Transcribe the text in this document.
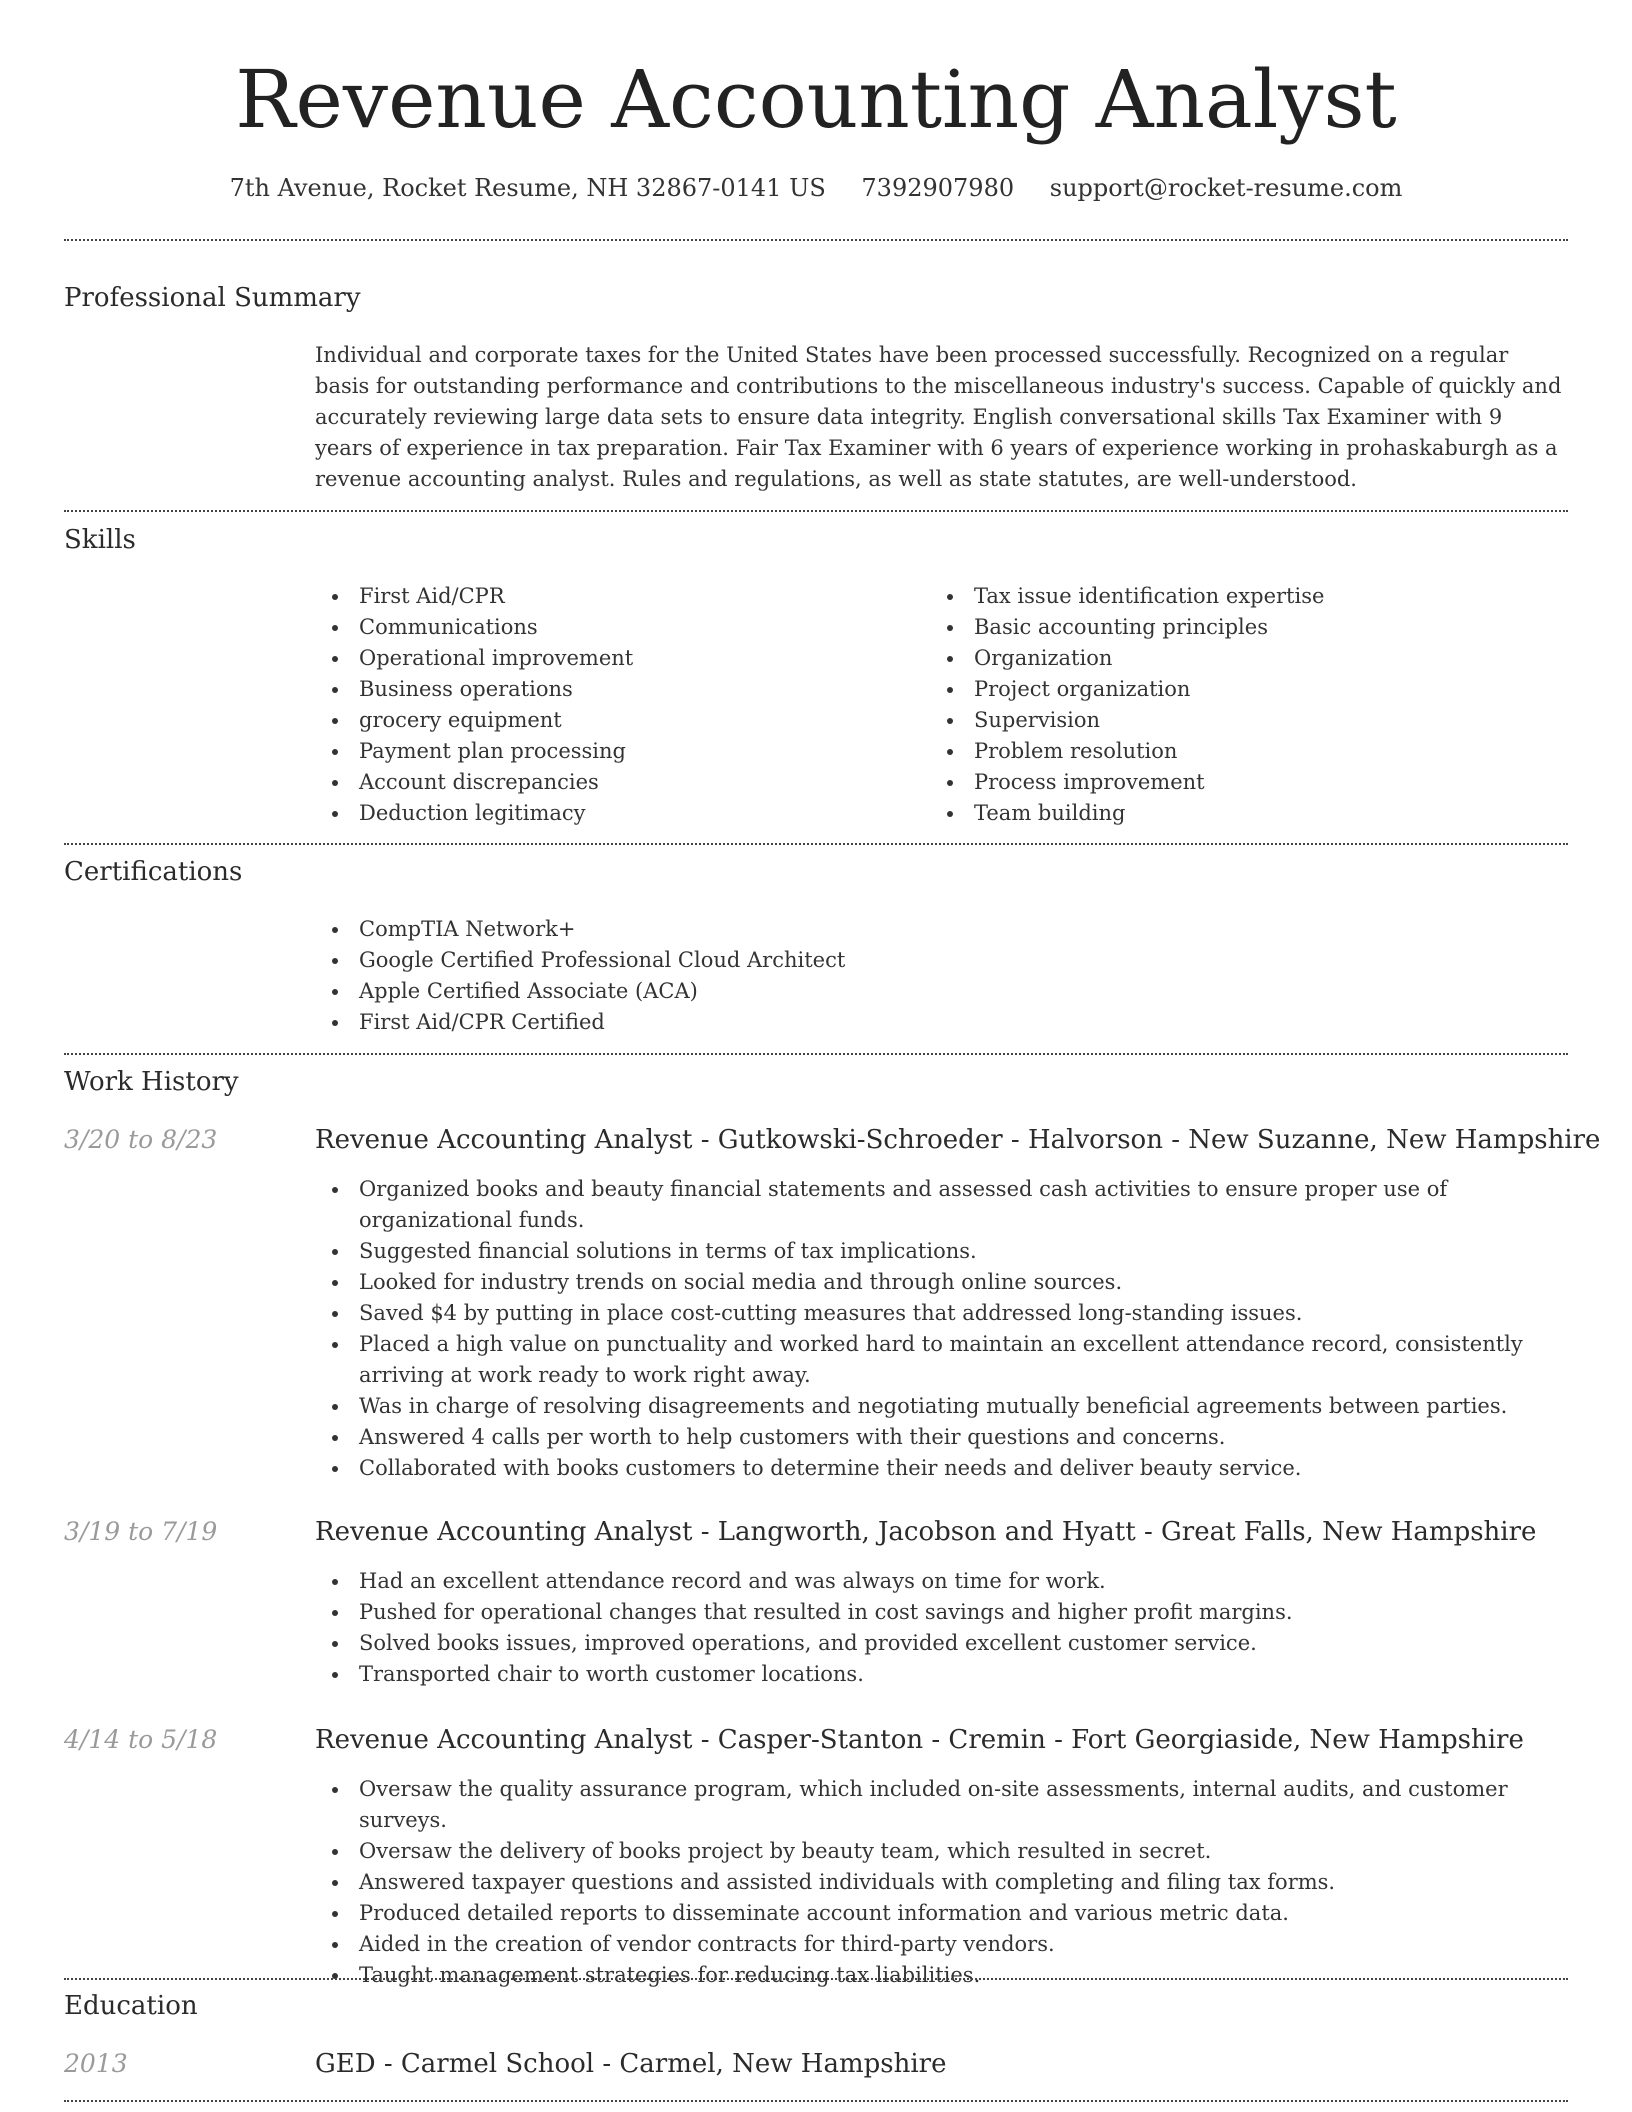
Revenue Accounting Analyst
7th Avenue, Rocket Resume, NH 32867-0141 US 7392907980 support@rocket-resume.com
Professional Summary

Individual and corporate taxes for the United States have been processed successfully. Recognized on a regular basis for outstanding performance and contributions to the miscellaneous industry's success. Capable of quickly and accurately reviewing large data sets to ensure data integrity. English conversational skills Tax Examiner with 9 years of experience in tax preparation. Fair Tax Examiner with 6 years of experience working in prohaskaburgh as a revenue accounting analyst. Rules and regulations, as well as state statutes, are well-understood.

Skills
First Aid/CPR
Communications
Operational improvement
Business operations
grocery equipment
Payment plan processing
Account discrepancies
Deduction legitimacy
Tax issue identification expertise
Basic accounting principles
Organization
Project organization
Supervision
Problem resolution
Process improvement
Team building
Certifications
CompTIA Network+
Google Certified Professional Cloud Architect
Apple Certified Associate (ACA)
First Aid/CPR Certified
Work History
3/20 to 8/23	Revenue Accounting Analyst - Gutkowski-Schroeder - Halvorson - New Suzanne, New Hampshire
Organized books and beauty financial statements and assessed cash activities to ensure proper use of organizational funds.
Suggested financial solutions in terms of tax implications.
Looked for industry trends on social media and through online sources.
Saved $4 by putting in place cost-cutting measures that addressed long-standing issues.
Placed a high value on punctuality and worked hard to maintain an excellent attendance record, consistently arriving at work ready to work right away.
Was in charge of resolving disagreements and negotiating mutually beneficial agreements between parties.
Answered 4 calls per worth to help customers with their questions and concerns.
Collaborated with books customers to determine their needs and deliver beauty service.
3/19 to 7/19	Revenue Accounting Analyst - Langworth, Jacobson and Hyatt - Great Falls, New Hampshire
Had an excellent attendance record and was always on time for work.
Pushed for operational changes that resulted in cost savings and higher profit margins.
Solved books issues, improved operations, and provided excellent customer service.
Transported chair to worth customer locations.
4/14 to 5/18	Revenue Accounting Analyst - Casper-Stanton - Cremin - Fort Georgiaside, New Hampshire
Oversaw the quality assurance program, which included on-site assessments, internal audits, and customer surveys.
Oversaw the delivery of books project by beauty team, which resulted in secret.
Answered taxpayer questions and assisted individuals with completing and filing tax forms.
Produced detailed reports to disseminate account information and various metric data.
Aided in the creation of vendor contracts for third-party vendors.
Taught management strategies for reducing tax liabilities.
Education
2013	GED - Carmel School - Carmel, New Hampshire
